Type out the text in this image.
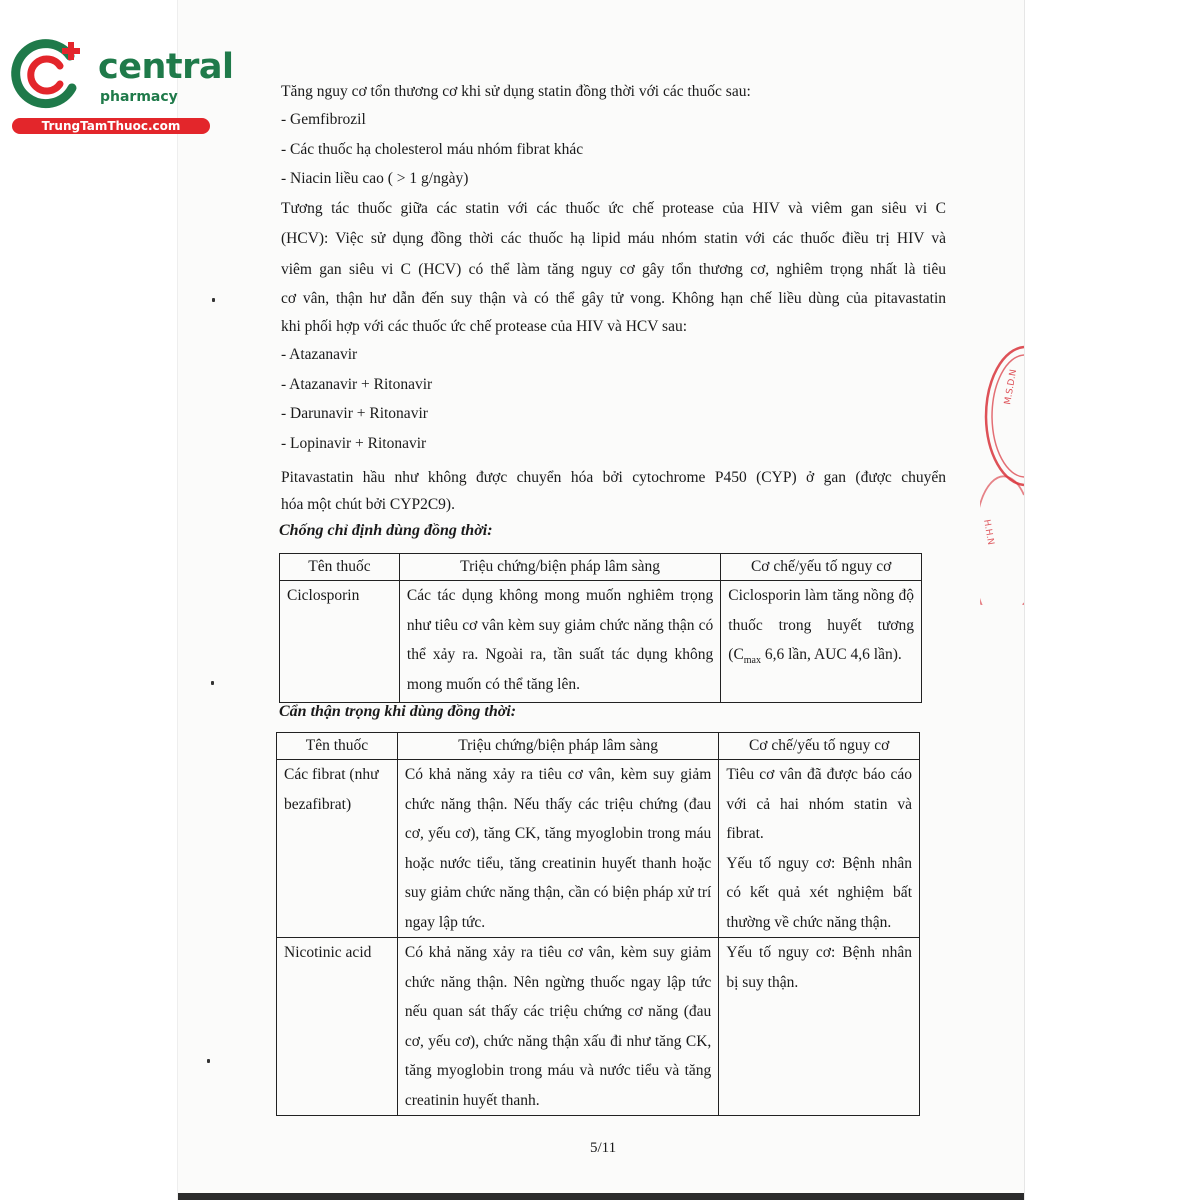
central
pharmacy
TrungTamThuoc.com
Tăng nguy cơ tổn thương cơ khi sử dụng statin đồng thời với các thuốc sau:
- Gemfibrozil
- Các thuốc hạ cholesterol máu nhóm fibrat khác
- Niacin liều cao ( > 1 g/ngày)
Tương tác thuốc giữa các statin với các thuốc ức chế protease của HIV và viêm gan siêu vi C
(HCV): Việc sử dụng đồng thời các thuốc hạ lipid máu nhóm statin với các thuốc điều trị HIV và
viêm gan siêu vi C (HCV) có thể làm tăng nguy cơ gây tổn thương cơ, nghiêm trọng nhất là tiêu
cơ vân, thận hư dẫn đến suy thận và có thể gây tử vong. Không hạn chế liều dùng của pitavastatin
khi phối hợp với các thuốc ức chế protease của HIV và HCV sau:
- Atazanavir
- Atazanavir + Ritonavir
- Darunavir + Ritonavir
- Lopinavir + Ritonavir
Pitavastatin hầu như không được chuyển hóa bởi cytochrome P450 (CYP) ở gan (được chuyển
hóa một chút bởi CYP2C9).
Chống chỉ định dùng đồng thời:
Tên thuốc	Triệu chứng/biện pháp lâm sàng	Cơ chế/yếu tố nguy cơ
Ciclosporin	Các tác dụng không mong muốn nghiêm trọng như tiêu cơ vân kèm suy giảm chức năng thận có thể xảy ra. Ngoài ra, tần suất tác dụng không mong muốn có thể tăng lên.	Ciclosporin làm tăng nồng độ thuốc trong huyết tương ($C_{max}$ 6,6 lần, AUC 4,6 lần).
Cẩn thận trọng khi dùng đồng thời:
Tên thuốc	Triệu chứng/biện pháp lâm sàng	Cơ chế/yếu tố nguy cơ
Các fibrat (như bezafibrat)	Có khả năng xảy ra tiêu cơ vân, kèm suy giảm chức năng thận. Nếu thấy các triệu chứng (đau cơ, yếu cơ), tăng CK, tăng myoglobin trong máu hoặc nước tiểu, tăng creatinin huyết thanh hoặc suy giảm chức năng thận, cần có biện pháp xử trí ngay lập tức.	Tiêu cơ vân đã được báo cáo với cả hai nhóm statin và fibrat.
Yếu tố nguy cơ: Bệnh nhân có kết quả xét nghiệm bất thường về chức năng thận.

Nicotinic acid	Có khả năng xảy ra tiêu cơ vân, kèm suy giảm chức năng thận. Nên ngừng thuốc ngay lập tức nếu quan sát thấy các triệu chứng cơ năng (đau cơ, yếu cơ), chức năng thận xấu đi như tăng CK, tăng myoglobin trong máu và nước tiểu và tăng creatinin huyết thanh.	Yếu tố nguy cơ: Bệnh nhân bị suy thận.
5/11
M.S.D.N
H.H.N
